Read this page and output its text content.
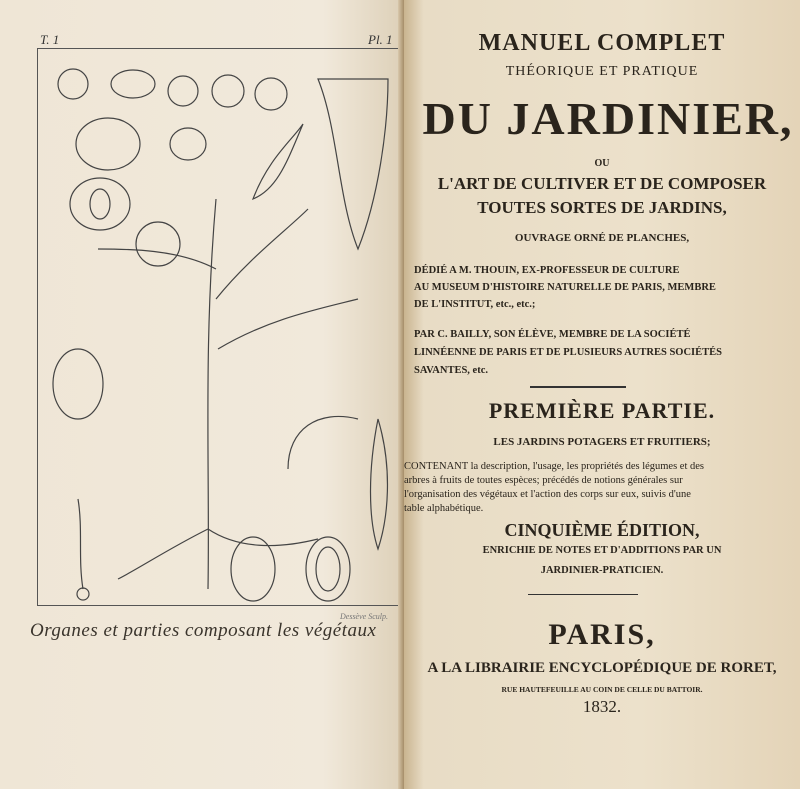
T. 1	Pl. 1
Dessève Sculp.
Organes et parties composant les végétaux
MANUEL COMPLET
THÉORIQUE ET PRATIQUE
DU JARDINIER,
OU
L'ART DE CULTIVER ET DE COMPOSER
TOUTES SORTES DE JARDINS,
OUVRAGE ORNÉ DE PLANCHES,
DÉDIÉ A M. THOUIN, EX-PROFESSEUR DE CULTURE
AU MUSEUM D'HISTOIRE NATURELLE DE PARIS, MEMBRE
DE L'INSTITUT, etc., etc.;
PAR C. BAILLY, SON ÉLÈVE, MEMBRE DE LA SOCIÉTÉ
LINNÉENNE DE PARIS ET DE PLUSIEURS AUTRES SOCIÉTÉS
SAVANTES, etc.
PREMIÈRE PARTIE.
LES JARDINS POTAGERS ET FRUITIERS;
CONTENANT la description, l'usage, les propriétés des légumes et des
arbres à fruits de toutes espèces; précédés de notions générales sur
l'organisation des végétaux et l'action des corps sur eux, suivis d'une
table alphabétique.
CINQUIÈME ÉDITION,
ENRICHIE DE NOTES ET D'ADDITIONS PAR UN
JARDINIER-PRATICIEN.
PARIS,
A LA LIBRAIRIE ENCYCLOPÉDIQUE DE RORET,
RUE HAUTEFEUILLE AU COIN DE CELLE DU BATTOIR.
1832.
